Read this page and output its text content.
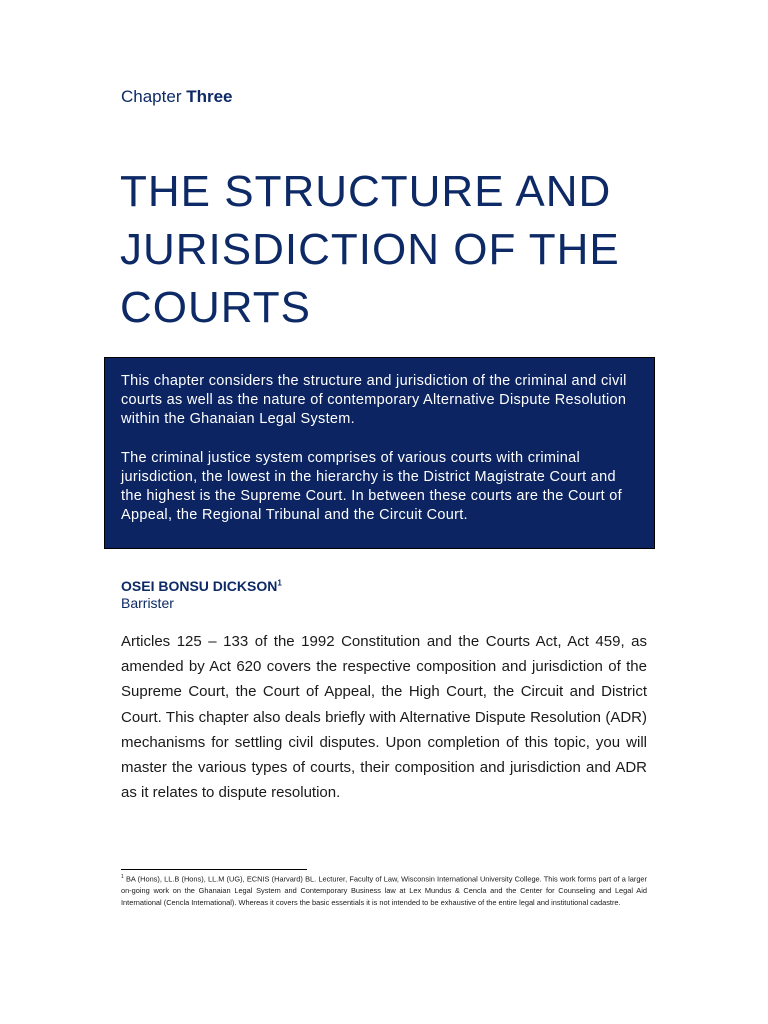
Chapter Three
THE STRUCTURE AND
JURISDICTION OF THE
COURTS

This chapter considers the structure and jurisdiction of the criminal and civil courts as well as the nature of contemporary Alternative Dispute Resolution within the Ghanaian Legal System.

The criminal justice system comprises of various courts with criminal jurisdiction, the lowest in the hierarchy is the District Magistrate Court and the highest is the Supreme Court. In between these courts are the Court of Appeal, the Regional Tribunal and the Circuit Court.

OSEI BONSU DICKSON$^1$
Barrister

Articles 125 – 133 of the 1992 Constitution and the Courts Act, Act 459, as amended by Act 620 covers the respective composition and jurisdiction of the Supreme Court, the Court of Appeal, the High Court, the Circuit and District Court. This chapter also deals briefly with Alternative Dispute Resolution (ADR) mechanisms for settling civil disputes. Upon completion of this topic, you will master the various types of courts, their composition and jurisdiction and ADR as it relates to dispute resolution.

$^1$ BA (Hons), LL.B (Hons), LL.M (UG), ECNIS (Harvard) BL. Lecturer, Faculty of Law, Wisconsin International University College. This work forms part of a larger on-going work on the Ghanaian Legal System and Contemporary Business law at Lex Mundus & Cencla and the Center for Counseling and Legal Aid International (Cencla International). Whereas it covers the basic essentials it is not intended to be exhaustive of the entire legal and institutional cadastre.
